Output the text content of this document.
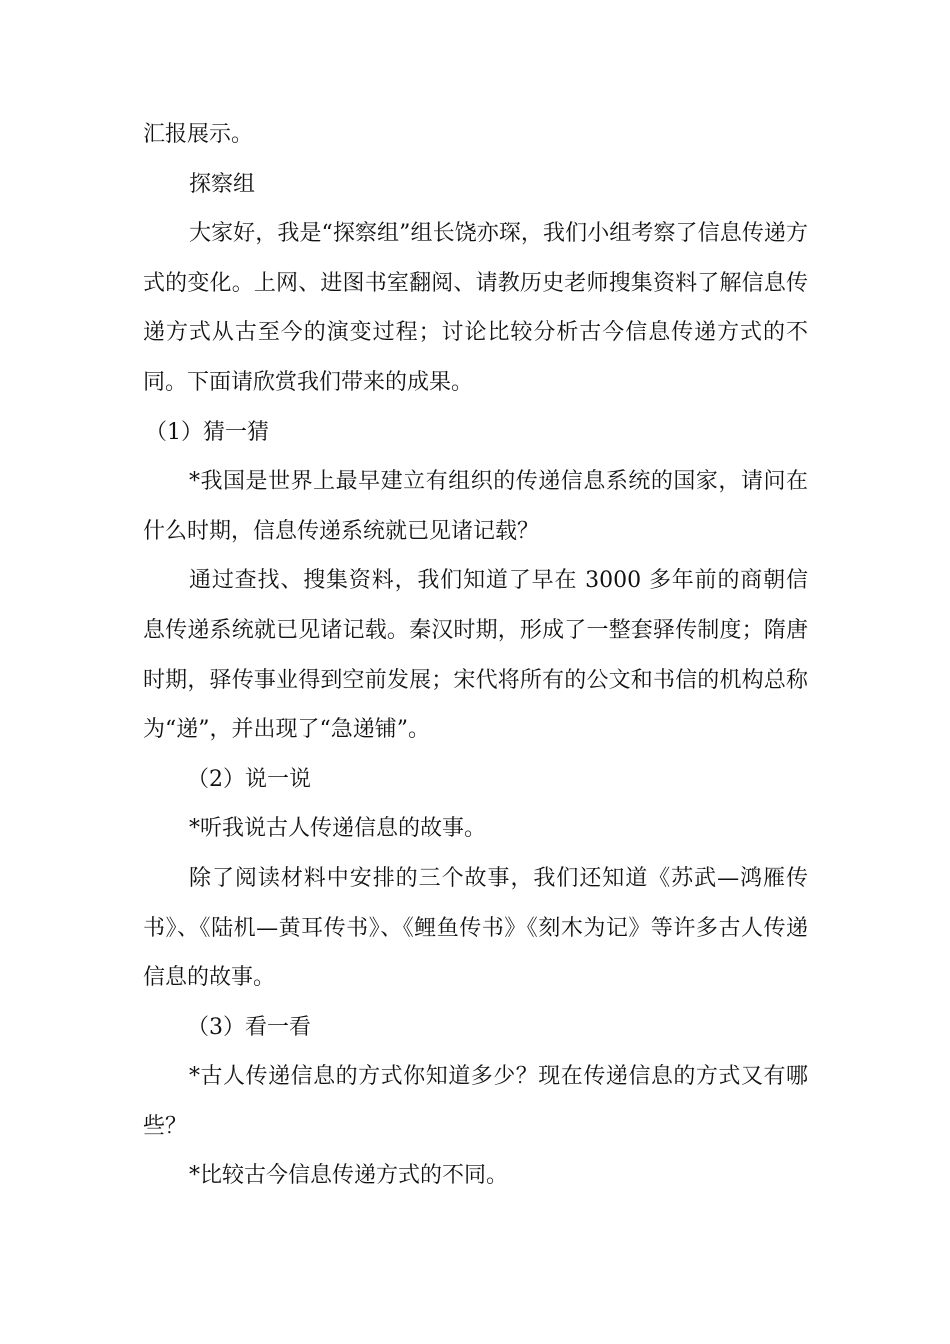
汇报展示。

探察组

大家好，我是“探察组”组长饶亦琛，我们小组考察了信息传递方式的变化。上网、进图书室翻阅、请教历史老师搜集资料了解信息传递方式从古至今的演变过程；讨论比较分析古今信息传递方式的不同。下面请欣赏我们带来的成果。

（1）猜一猜

*我国是世界上最早建立有组织的传递信息系统的国家，请问在什么时期，信息传递系统就已见诸记载？

通过查找、搜集资料，我们知道了早在 3000 多年前的商朝信息传递系统就已见诸记载。秦汉时期，形成了一整套驿传制度；隋唐时期，驿传事业得到空前发展；宋代将所有的公文和书信的机构总称为“递”，并出现了“急递铺”。

（2）说一说

*听我说古人传递信息的故事。

除了阅读材料中安排的三个故事，我们还知道《苏武—鸿雁传书》、《陆机—黄耳传书》、《鲤鱼传书》《刻木为记》等许多古人传递信息的故事。

（3）看一看

*古人传递信息的方式你知道多少？现在传递信息的方式又有哪些？

*比较古今信息传递方式的不同。
